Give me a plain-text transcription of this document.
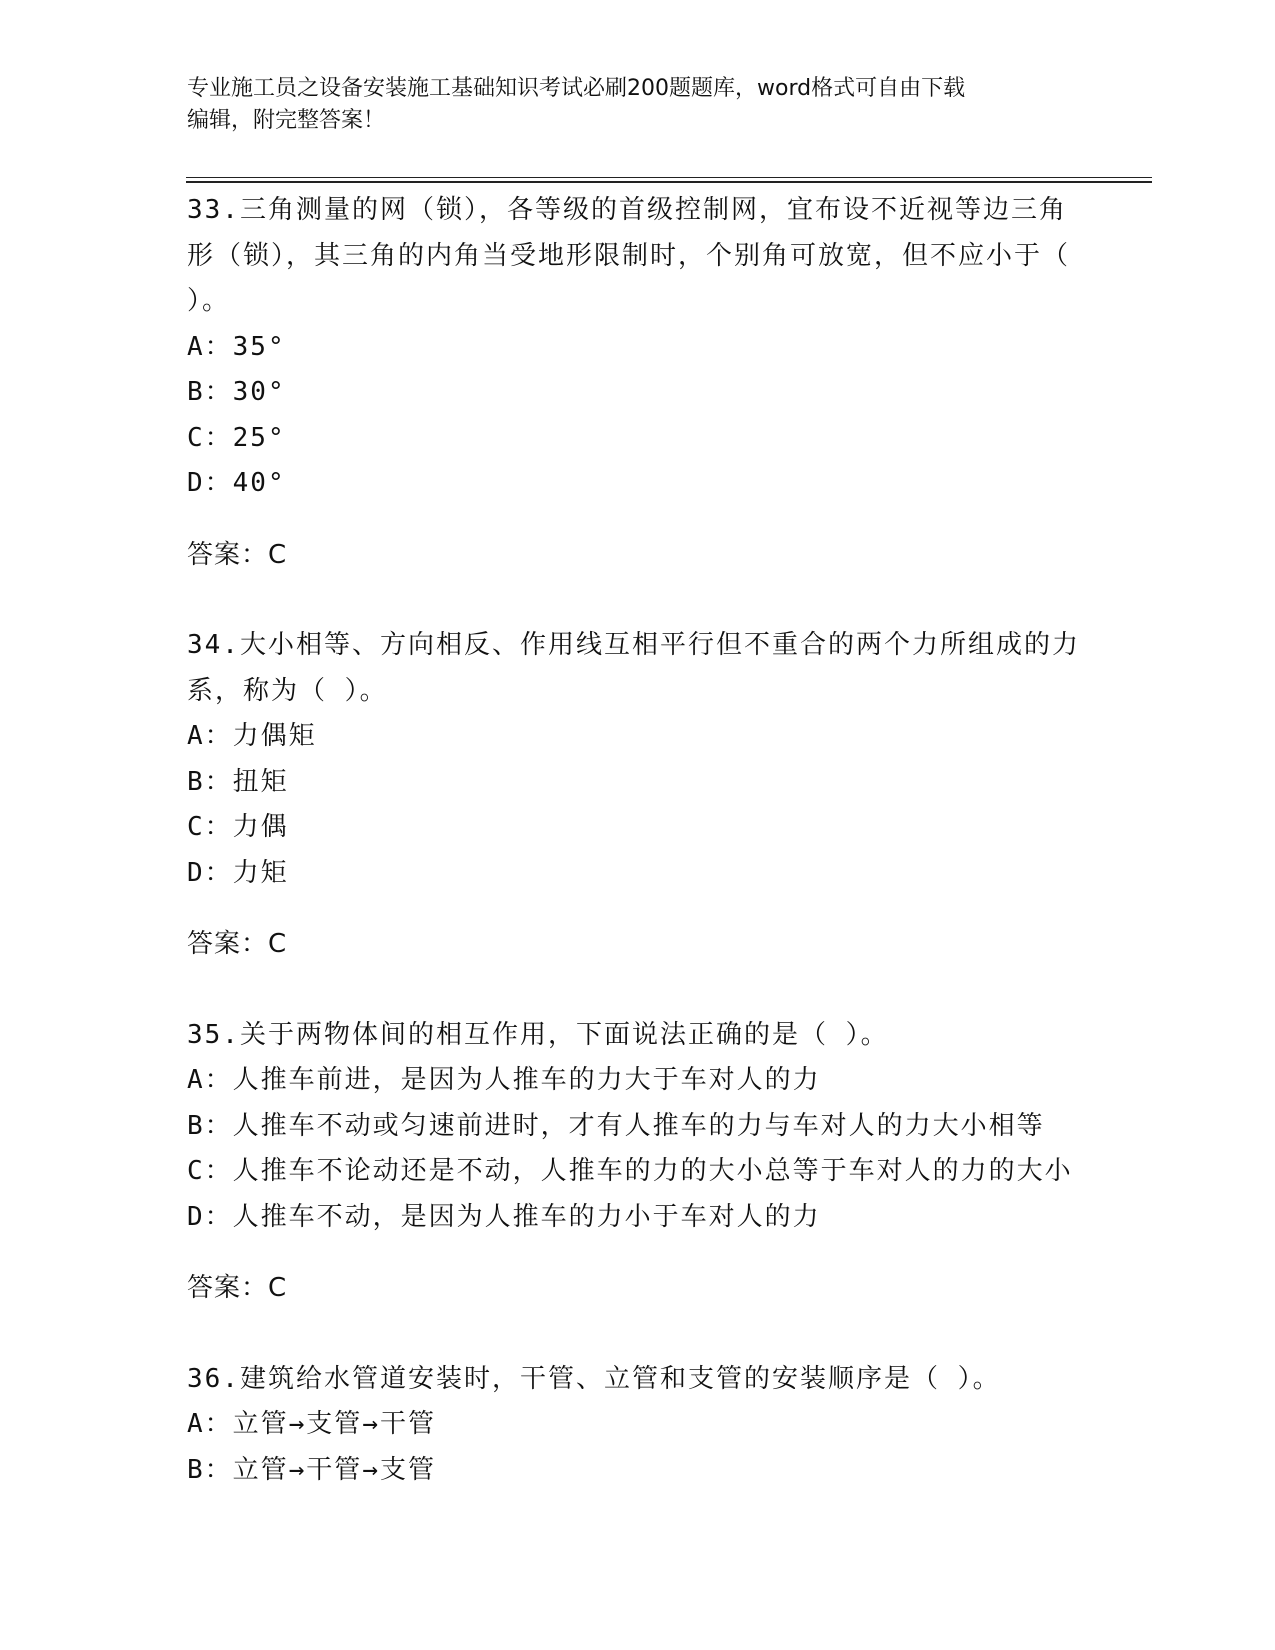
专业施工员之设备安装施工基础知识考试必刷200题题库，word格式可自由下载
编辑，附完整答案！

33.三角测量的网（锁），各等级的首级控制网，宜布设不近视等边三角形（锁），其三角的内角当受地形限制时，个别角可放宽，但不应小于（ ）。

A：35°

B：30°

C：25°

D：40°

答案：C

34.大小相等、方向相反、作用线互相平行但不重合的两个力所组成的力系，称为（ ）。

A：力偶矩

B：扭矩

C：力偶

D：力矩

答案：C

35.关于两物体间的相互作用，下面说法正确的是（ ）。

A：人推车前进，是因为人推车的力大于车对人的力

B：人推车不动或匀速前进时，才有人推车的力与车对人的力大小相等

C：人推车不论动还是不动，人推车的力的大小总等于车对人的力的大小

D：人推车不动，是因为人推车的力小于车对人的力

答案：C

36.建筑给水管道安装时，干管、立管和支管的安装顺序是（ ）。

A：立管→支管→干管

B：立管→干管→支管
